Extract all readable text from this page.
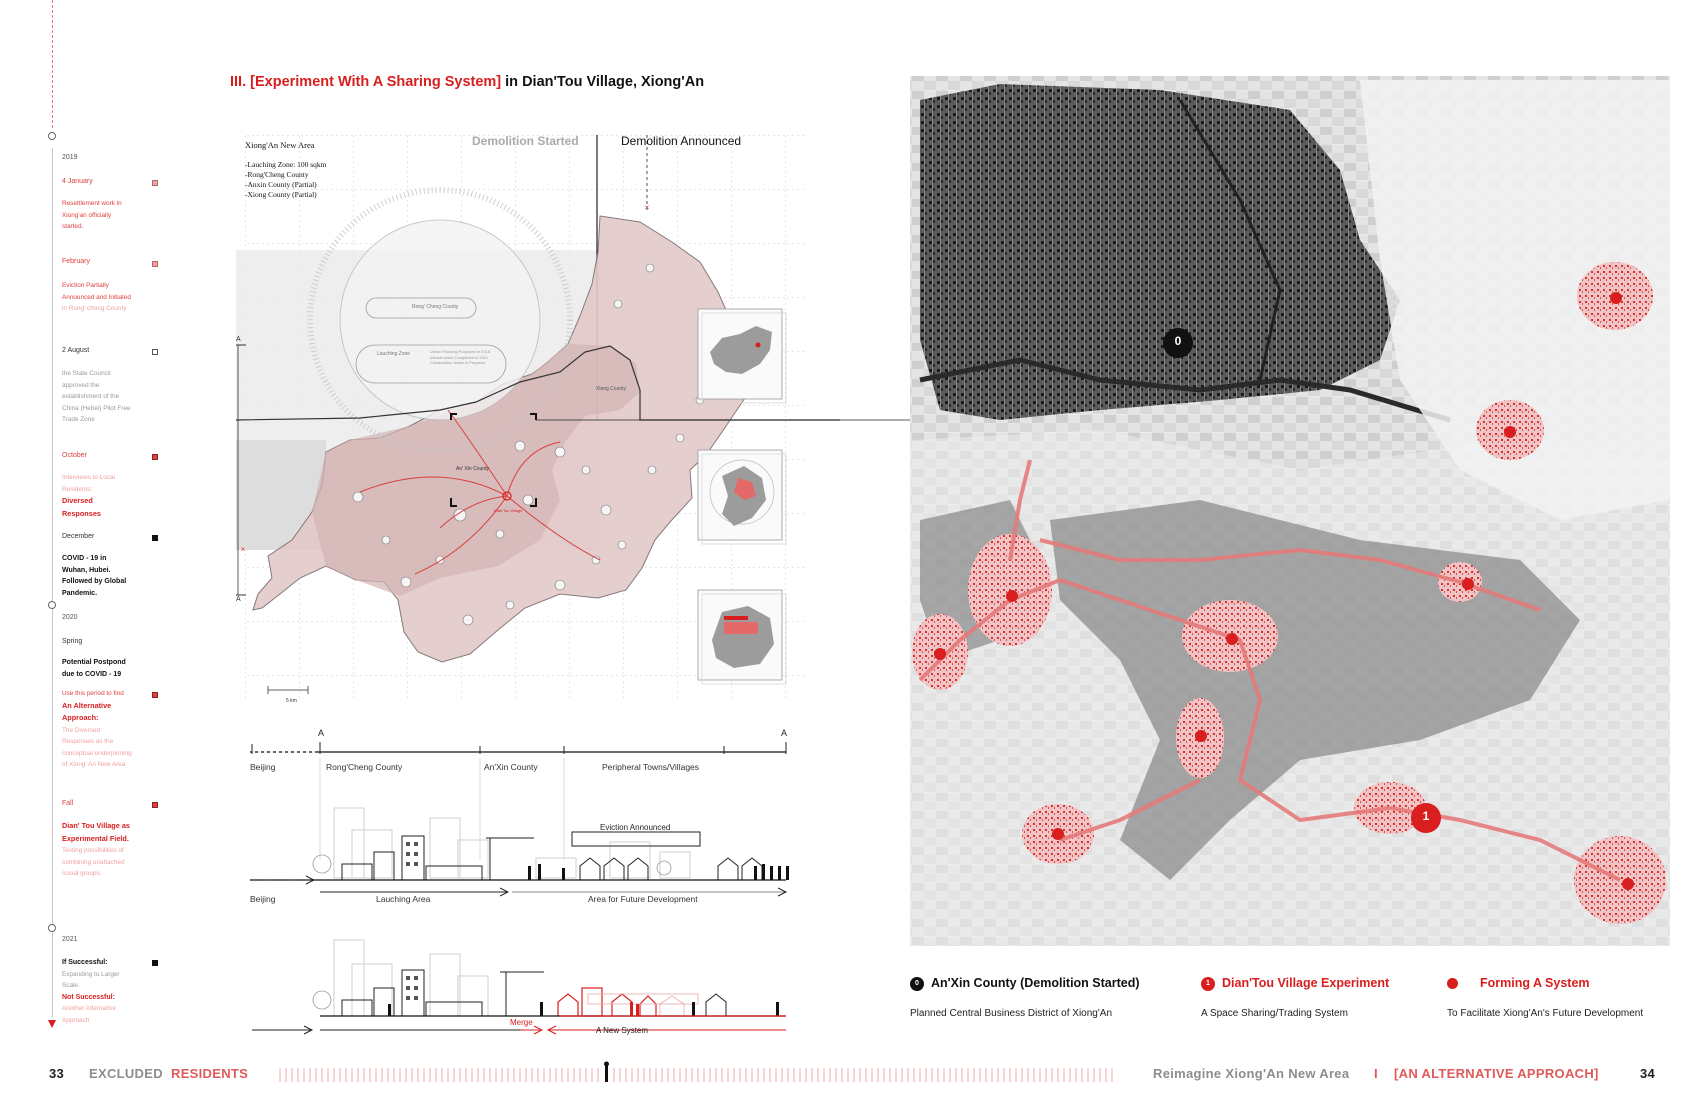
2019
4 January
Resettlement work in Xiong'an officially started.
February
Eviction Partially Announced and Initiated in Rong' chong County
2 August
the State Council approved the establishment of the China (Hebei) Pilot Free Trade Zone
October
Interviews to Local Residents:
Diversed Responses
December
COVID - 19 in Wuhan, Hubei. Followed by Global Pandemic.
2020
Spring
Potential Postpond due to COVID - 19
Use this period to find
An Alternative Approach:
The Diversed Responses as the conceptual underpinning of Xiong' An New Area
Fall
Dian' Tou Village as Experimental Field. Testing possibilities of combining unattached social groups.
2021
If Successful: Expanding to Larger Scale.
Not Successful: Another Alternative Approach
III. [Experiment With A Sharing System] in Dian'Tou Village, Xiong'An
×
×
Xiong'An New Area
-Lauching Zone: 100 sqkm
-Rong'Cheng County
-Anxin County (Partial)
-Xiong County (Partial)
Demolition Started	Demolition Announced
Rong' Cheng County
Lauching Zone	Urban Planning Proposed in 2018
Infrastructure Completed in 2021
Construction Noise in Progress
Xiong County
An' Xin County
Dian'Tou Village
5 km
A
A
A	A
Beijing	Rong'Cheng County	An'Xin County	Peripheral Towns/Villages
Eviction Announced
Beijing	Lauching Area	Area for Future Development
Merge
A New System
0
1
0 An'Xin County (Demolition Started)
Planned Central Business District of Xiong'An
1 Dian'Tou Village Experiment
A Space Sharing/Trading System
Forming A System
To Facilitate Xiong'An's Future Development
33 EXCLUDED RESIDENTS	Reimagine Xiong'An New Area I [AN ALTERNATIVE APPROACH]	34
